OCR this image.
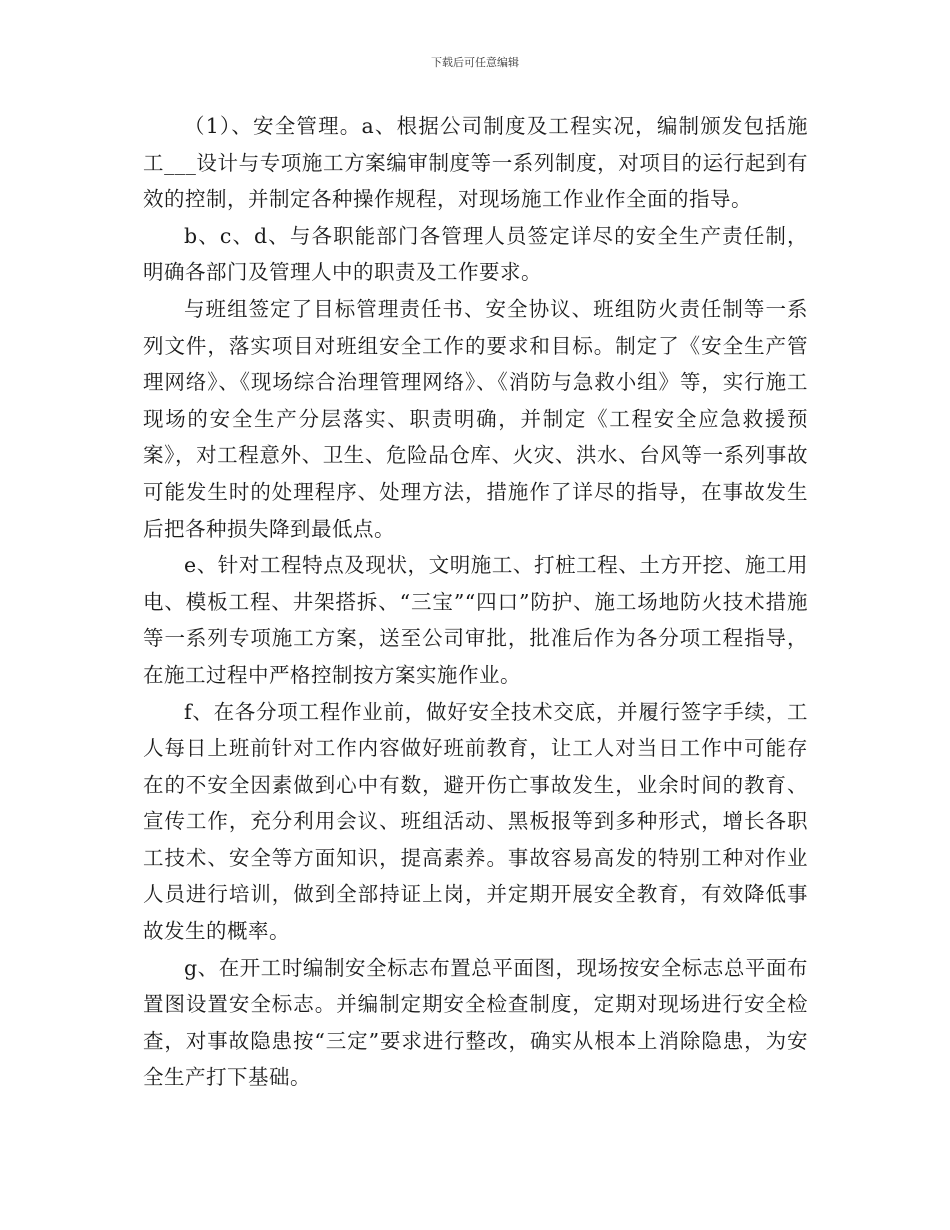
下载后可任意编辑

（1）、安全管理。a、根据公司制度及工程实况，编制颁发包括施工___设计与专项施工方案编审制度等一系列制度，对项目的运行起到有效的控制，并制定各种操作规程，对现场施工作业作全面的指导。

b、c、d、与各职能部门各管理人员签定详尽的安全生产责任制，明确各部门及管理人中的职责及工作要求。

与班组签定了目标管理责任书、安全协议、班组防火责任制等一系列文件，落实项目对班组安全工作的要求和目标。制定了《安全生产管理网络》、《现场综合治理管理网络》、《消防与急救小组》等，实行施工现场的安全生产分层落实、职责明确，并制定《工程安全应急救援预案》，对工程意外、卫生、危险品仓库、火灾、洪水、台风等一系列事故可能发生时的处理程序、处理方法，措施作了详尽的指导，在事故发生后把各种损失降到最低点。

e、针对工程特点及现状，文明施工、打桩工程、土方开挖、施工用电、模板工程、井架搭拆、“三宝”“四口”防护、施工场地防火技术措施等一系列专项施工方案，送至公司审批，批准后作为各分项工程指导，在施工过程中严格控制按方案实施作业。

f、在各分项工程作业前，做好安全技术交底，并履行签字手续，工人每日上班前针对工作内容做好班前教育，让工人对当日工作中可能存在的不安全因素做到心中有数，避开伤亡事故发生，业余时间的教育、宣传工作，充分利用会议、班组活动、黑板报等到多种形式，增长各职工技术、安全等方面知识，提高素养。事故容易高发的特别工种对作业人员进行培训，做到全部持证上岗，并定期开展安全教育，有效降低事故发生的概率。

g、在开工时编制安全标志布置总平面图，现场按安全标志总平面布置图设置安全标志。并编制定期安全检查制度，定期对现场进行安全检查，对事故隐患按“三定”要求进行整改，确实从根本上消除隐患，为安全生产打下基础。
